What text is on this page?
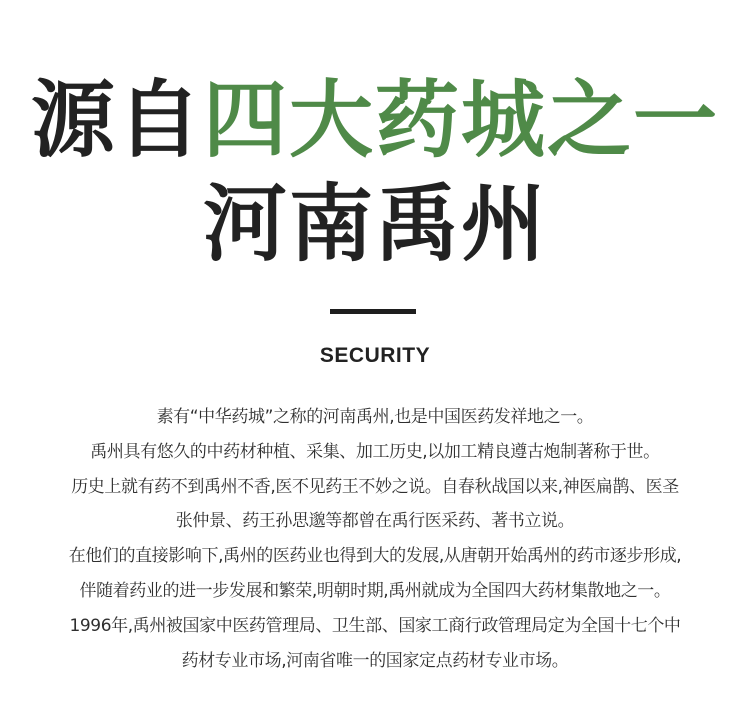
源自四大药城之一
河南禹州
SECURITY
素有“中华药城”之称的河南禹州,也是中国医药发祥地之一。
禹州具有悠久的中药材种植、采集、加工历史,以加工精良遵古炮制著称于世。
历史上就有药不到禹州不香,医不见药王不妙之说。自春秋战国以来,神医扁鹊、医圣
张仲景、药王孙思邈等都曾在禹行医采药、著书立说。
在他们的直接影响下,禹州的医药业也得到大的发展,从唐朝开始禹州的药市逐步形成,
伴随着药业的进一步发展和繁荣,明朝时期,禹州就成为全国四大药材集散地之一。
1996年,禹州被国家中医药管理局、卫生部、国家工商行政管理局定为全国十七个中
药材专业市场,河南省唯一的国家定点药材专业市场。
